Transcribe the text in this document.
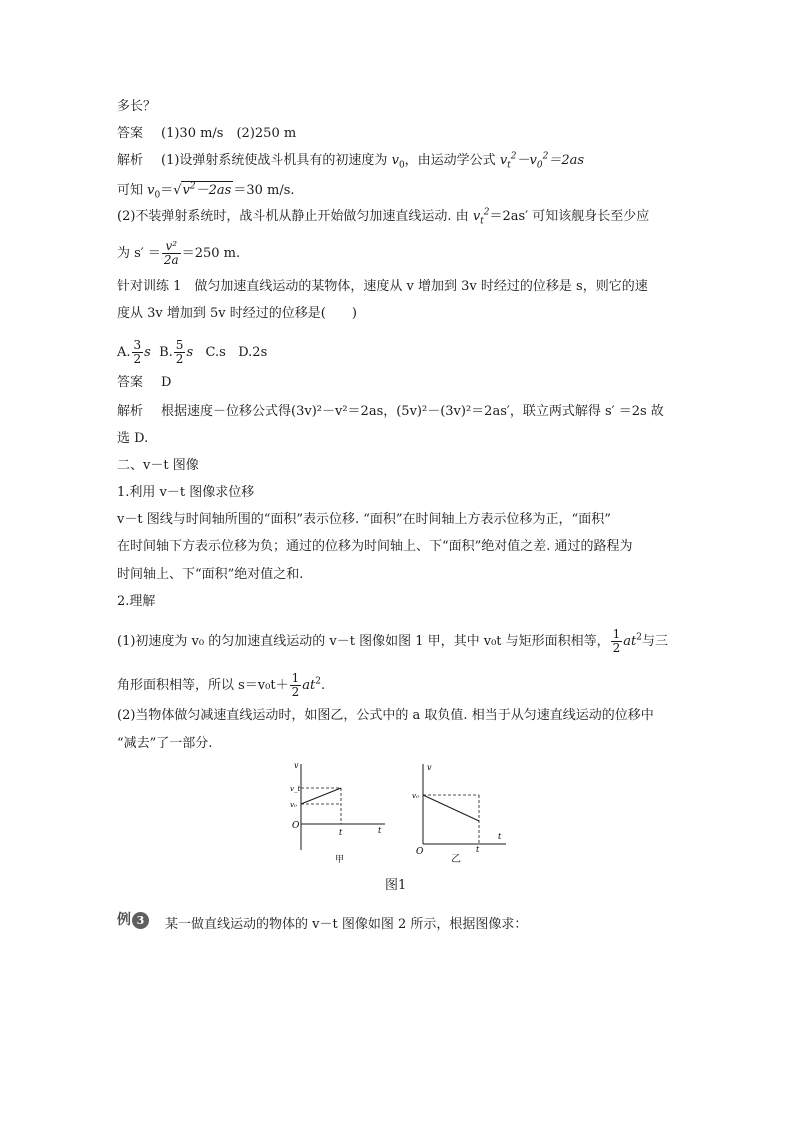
多长？
答案 (1)30 m/s　(2)250 m
解析 (1)设弹射系统使战斗机具有的初速度为 $v_0$，由运动学公式 $v_t^2-v_0^2=2as$
可知 $v_0=√v^2-2as =30$ m/s.
(2)不装弹射系统时，战斗机从静止开始做匀加速直线运动. 由 $v_t^2=2as'$ 可知该舰身长至少应
为 $s' = \frac{\text{v²}}{2a} =250$ m.
针对训练 1　做匀加速直线运动的某物体，速度从 v 增加到 3v 时经过的位移是 s，则它的速
度从 3v 增加到 5v 时经过的位移是(　　)
A. $\frac{3}{2}$ s B. $\frac{5}{2}$ s C.s D.2s
答案 D
解析 根据速度－位移公式得(3v)²－v²＝2as，(5v)²－(3v)²＝2as′，联立两式解得 s′ ＝2s 故
选 D.
二、v－t 图像
1.利用 v－t 图像求位移
v－t 图线与时间轴所围的“面积”表示位移. “面积”在时间轴上方表示位移为正，“面积”
在时间轴下方表示位移为负；通过的位移为时间轴上、下“面积”绝对值之差. 通过的路程为
时间轴上、下“面积”绝对值之和.
2.理解
(1)初速度为 v₀ 的匀加速直线运动的 v－t 图像如图 1 甲，其中 v₀t 与矩形面积相等， $\frac{1}{2} at^2$与三
角形面积相等，所以 $s=v_0t+ \frac{1}{2} at^2$.
(2)当物体做匀减速直线运动时，如图乙，公式中的 a 取负值. 相当于从匀速直线运动的位移中
“减去”了一部分.
v
v_t
v₀
O
t	t
甲
v
v₀
O	t
t
乙
图1
例 3	某一做直线运动的物体的 v－t 图像如图 2 所示，根据图像求：
